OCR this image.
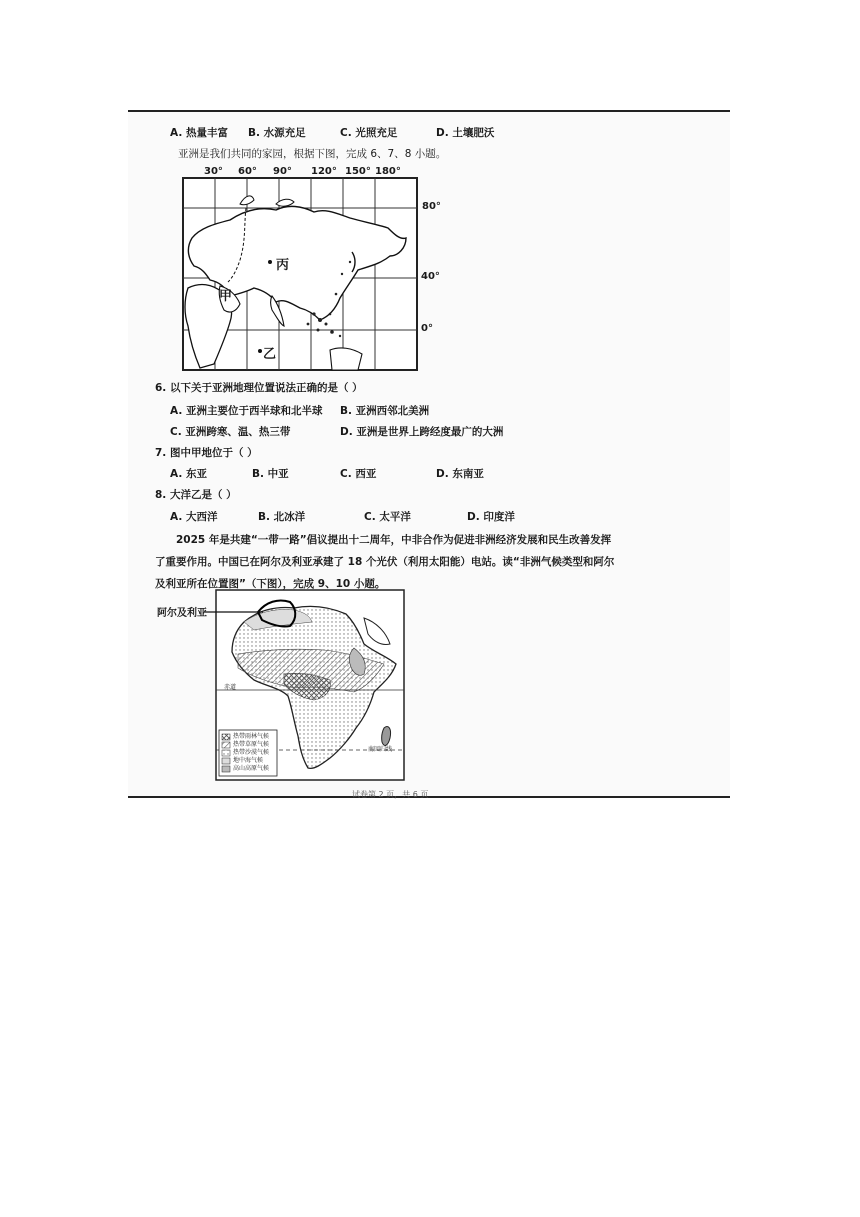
A. 热量丰富 B. 水源充足	C. 光照充足	D. 土壤肥沃
亚洲是我们共同的家园，根据下图，完成 6、7、8 小题。
30° 60° 90° 120° 150° 180°
80°
40°
0°
丙
甲
乙
6. 以下关于亚洲地理位置说法正确的是（ ）
A. 亚洲主要位于西半球和北半球 B. 亚洲西邻北美洲
C. 亚洲跨寒、温、热三带	D. 亚洲是世界上跨经度最广的大洲
7. 图中甲地位于（ ）
A. 东亚	B. 中亚	C. 西亚	D. 东南亚
8. 大洋乙是（ ）
A. 大西洋	B. 北冰洋	C. 太平洋	D. 印度洋
2025 年是共建“一带一路”倡议提出十二周年，中非合作为促进非洲经济发展和民生改善发挥
了重要作用。中国已在阿尔及利亚承建了 18 个光伏（利用太阳能）电站。读“非洲气候类型和阿尔
及利亚所在位置图”（下图），完成 9、10 小题。
阿尔及利亚
赤道
南回归线
热带雨林气候
热带草原气候
热带沙漠气候
地中海气候
高山高原气候
试卷第 2 页，共 6 页
